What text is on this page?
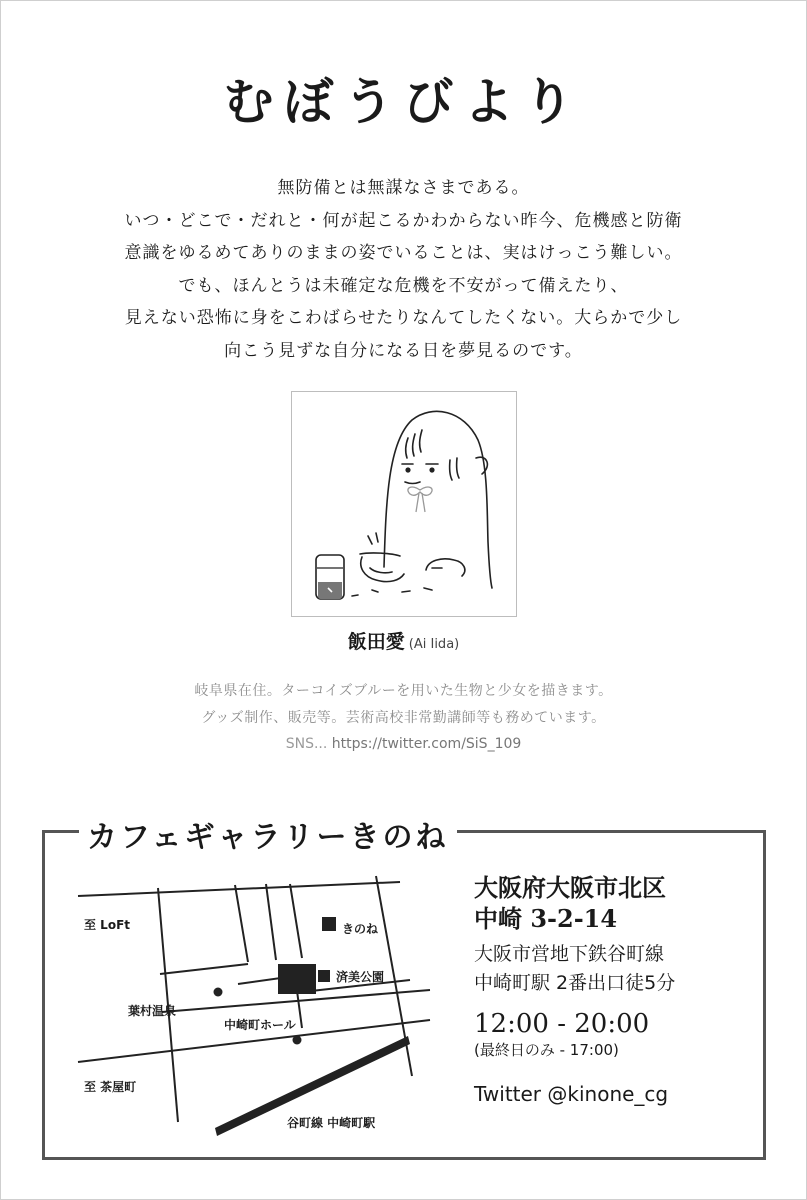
むぼうびより
無防備とは無謀なさまである。
いつ・どこで・だれと・何が起こるかわからない昨今、危機感と防衛
意識をゆるめてありのままの姿でいることは、実はけっこう難しい。
でも、ほんとうは未確定な危機を不安がって備えたり、
見えない恐怖に身をこわばらせたりなんてしたくない。大らかで少し
向こう見ずな自分になる日を夢見るのです。
飯田愛 (Ai Iida)
岐阜県在住。ターコイズブルーを用いた生物と少女を描きます。
グッズ制作、販売等。芸術高校非常勤講師等も務めています。
SNS... https://twitter.com/SiS_109
カフェギャラリーきのね
至 LoFt	きのね
済美公園
葉村温泉
中崎町ホール
至 茶屋町
谷町線 中崎町駅
大阪府大阪市北区
中崎 3-2-14
大阪市営地下鉄谷町線
中崎町駅 2番出口徒5分
12:00 - 20:00
(最終日のみ - 17:00)
Twitter @kinone_cg
